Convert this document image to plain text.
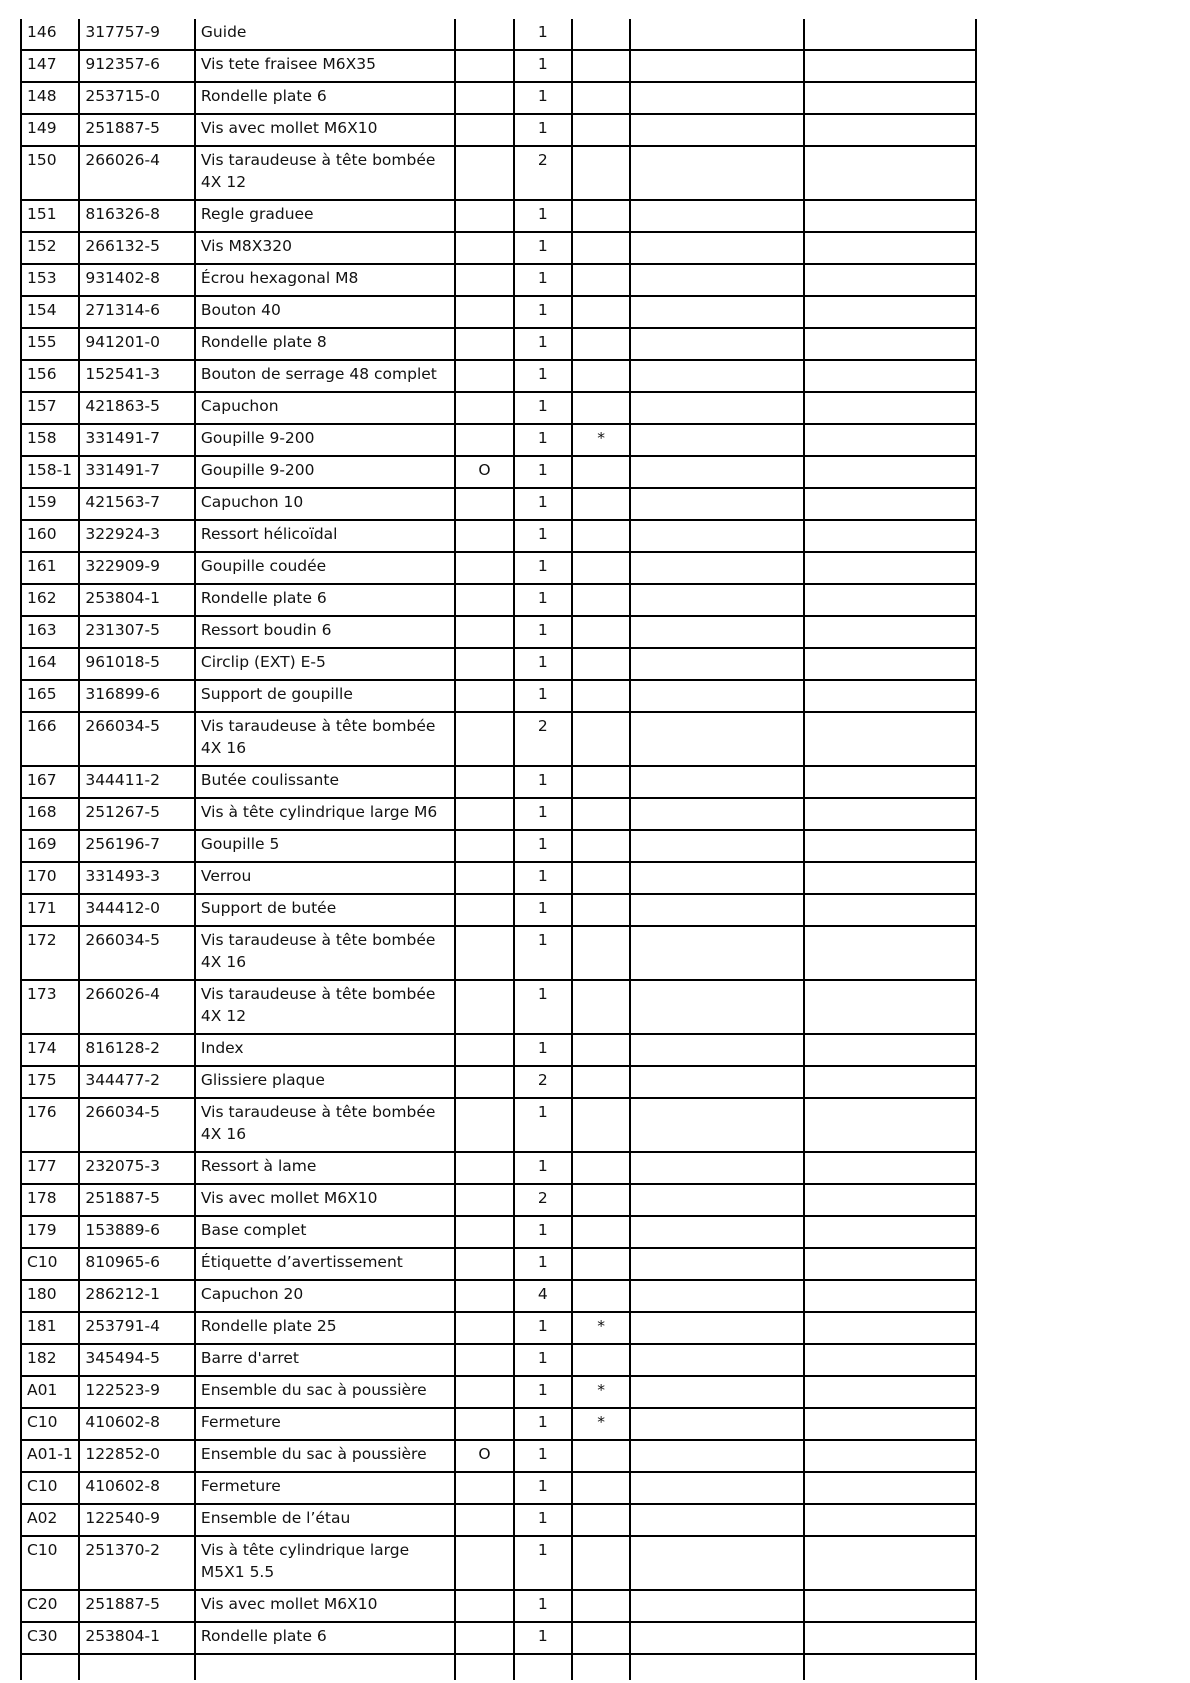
146	317757-9	Guide		1			
147	912357-6	Vis tete fraisee M6X35		1			
148	253715-0	Rondelle plate 6		1			
149	251887-5	Vis avec mollet M6X10		1			
150	266026-4	Vis taraudeuse à tête bombée 4X 12		2			
151	816326-8	Regle graduee		1			
152	266132-5	Vis M8X320		1			
153	931402-8	Écrou hexagonal M8		1			
154	271314-6	Bouton 40		1			
155	941201-0	Rondelle plate 8		1			
156	152541-3	Bouton de serrage 48 complet		1			
157	421863-5	Capuchon		1			
158	331491-7	Goupille 9-200		1	*		
158-1	331491-7	Goupille 9-200	O	1			
159	421563-7	Capuchon 10		1			
160	322924-3	Ressort hélicoïdal		1			
161	322909-9	Goupille coudée		1			
162	253804-1	Rondelle plate 6		1			
163	231307-5	Ressort boudin 6		1			
164	961018-5	Circlip (EXT) E-5		1			
165	316899-6	Support de goupille		1			
166	266034-5	Vis taraudeuse à tête bombée 4X 16		2			
167	344411-2	Butée coulissante		1			
168	251267-5	Vis à tête cylindrique large M6		1			
169	256196-7	Goupille 5		1			
170	331493-3	Verrou		1			
171	344412-0	Support de butée		1			
172	266034-5	Vis taraudeuse à tête bombée 4X 16		1			
173	266026-4	Vis taraudeuse à tête bombée 4X 12		1			
174	816128-2	Index		1			
175	344477-2	Glissiere plaque		2			
176	266034-5	Vis taraudeuse à tête bombée 4X 16		1			
177	232075-3	Ressort à lame		1			
178	251887-5	Vis avec mollet M6X10		2			
179	153889-6	Base complet		1			
C10	810965-6	Étiquette d’avertissement		1			
180	286212-1	Capuchon 20		4			
181	253791-4	Rondelle plate 25		1	*		
182	345494-5	Barre d'arret		1			
A01	122523-9	Ensemble du sac à poussière		1	*		
C10	410602-8	Fermeture		1	*		
A01-1	122852-0	Ensemble du sac à poussière	O	1			
C10	410602-8	Fermeture		1			
A02	122540-9	Ensemble de l’étau		1			
C10	251370-2	Vis à tête cylindrique large M5X1 5.5		1			
C20	251887-5	Vis avec mollet M6X10		1			
C30	253804-1	Rondelle plate 6		1			
